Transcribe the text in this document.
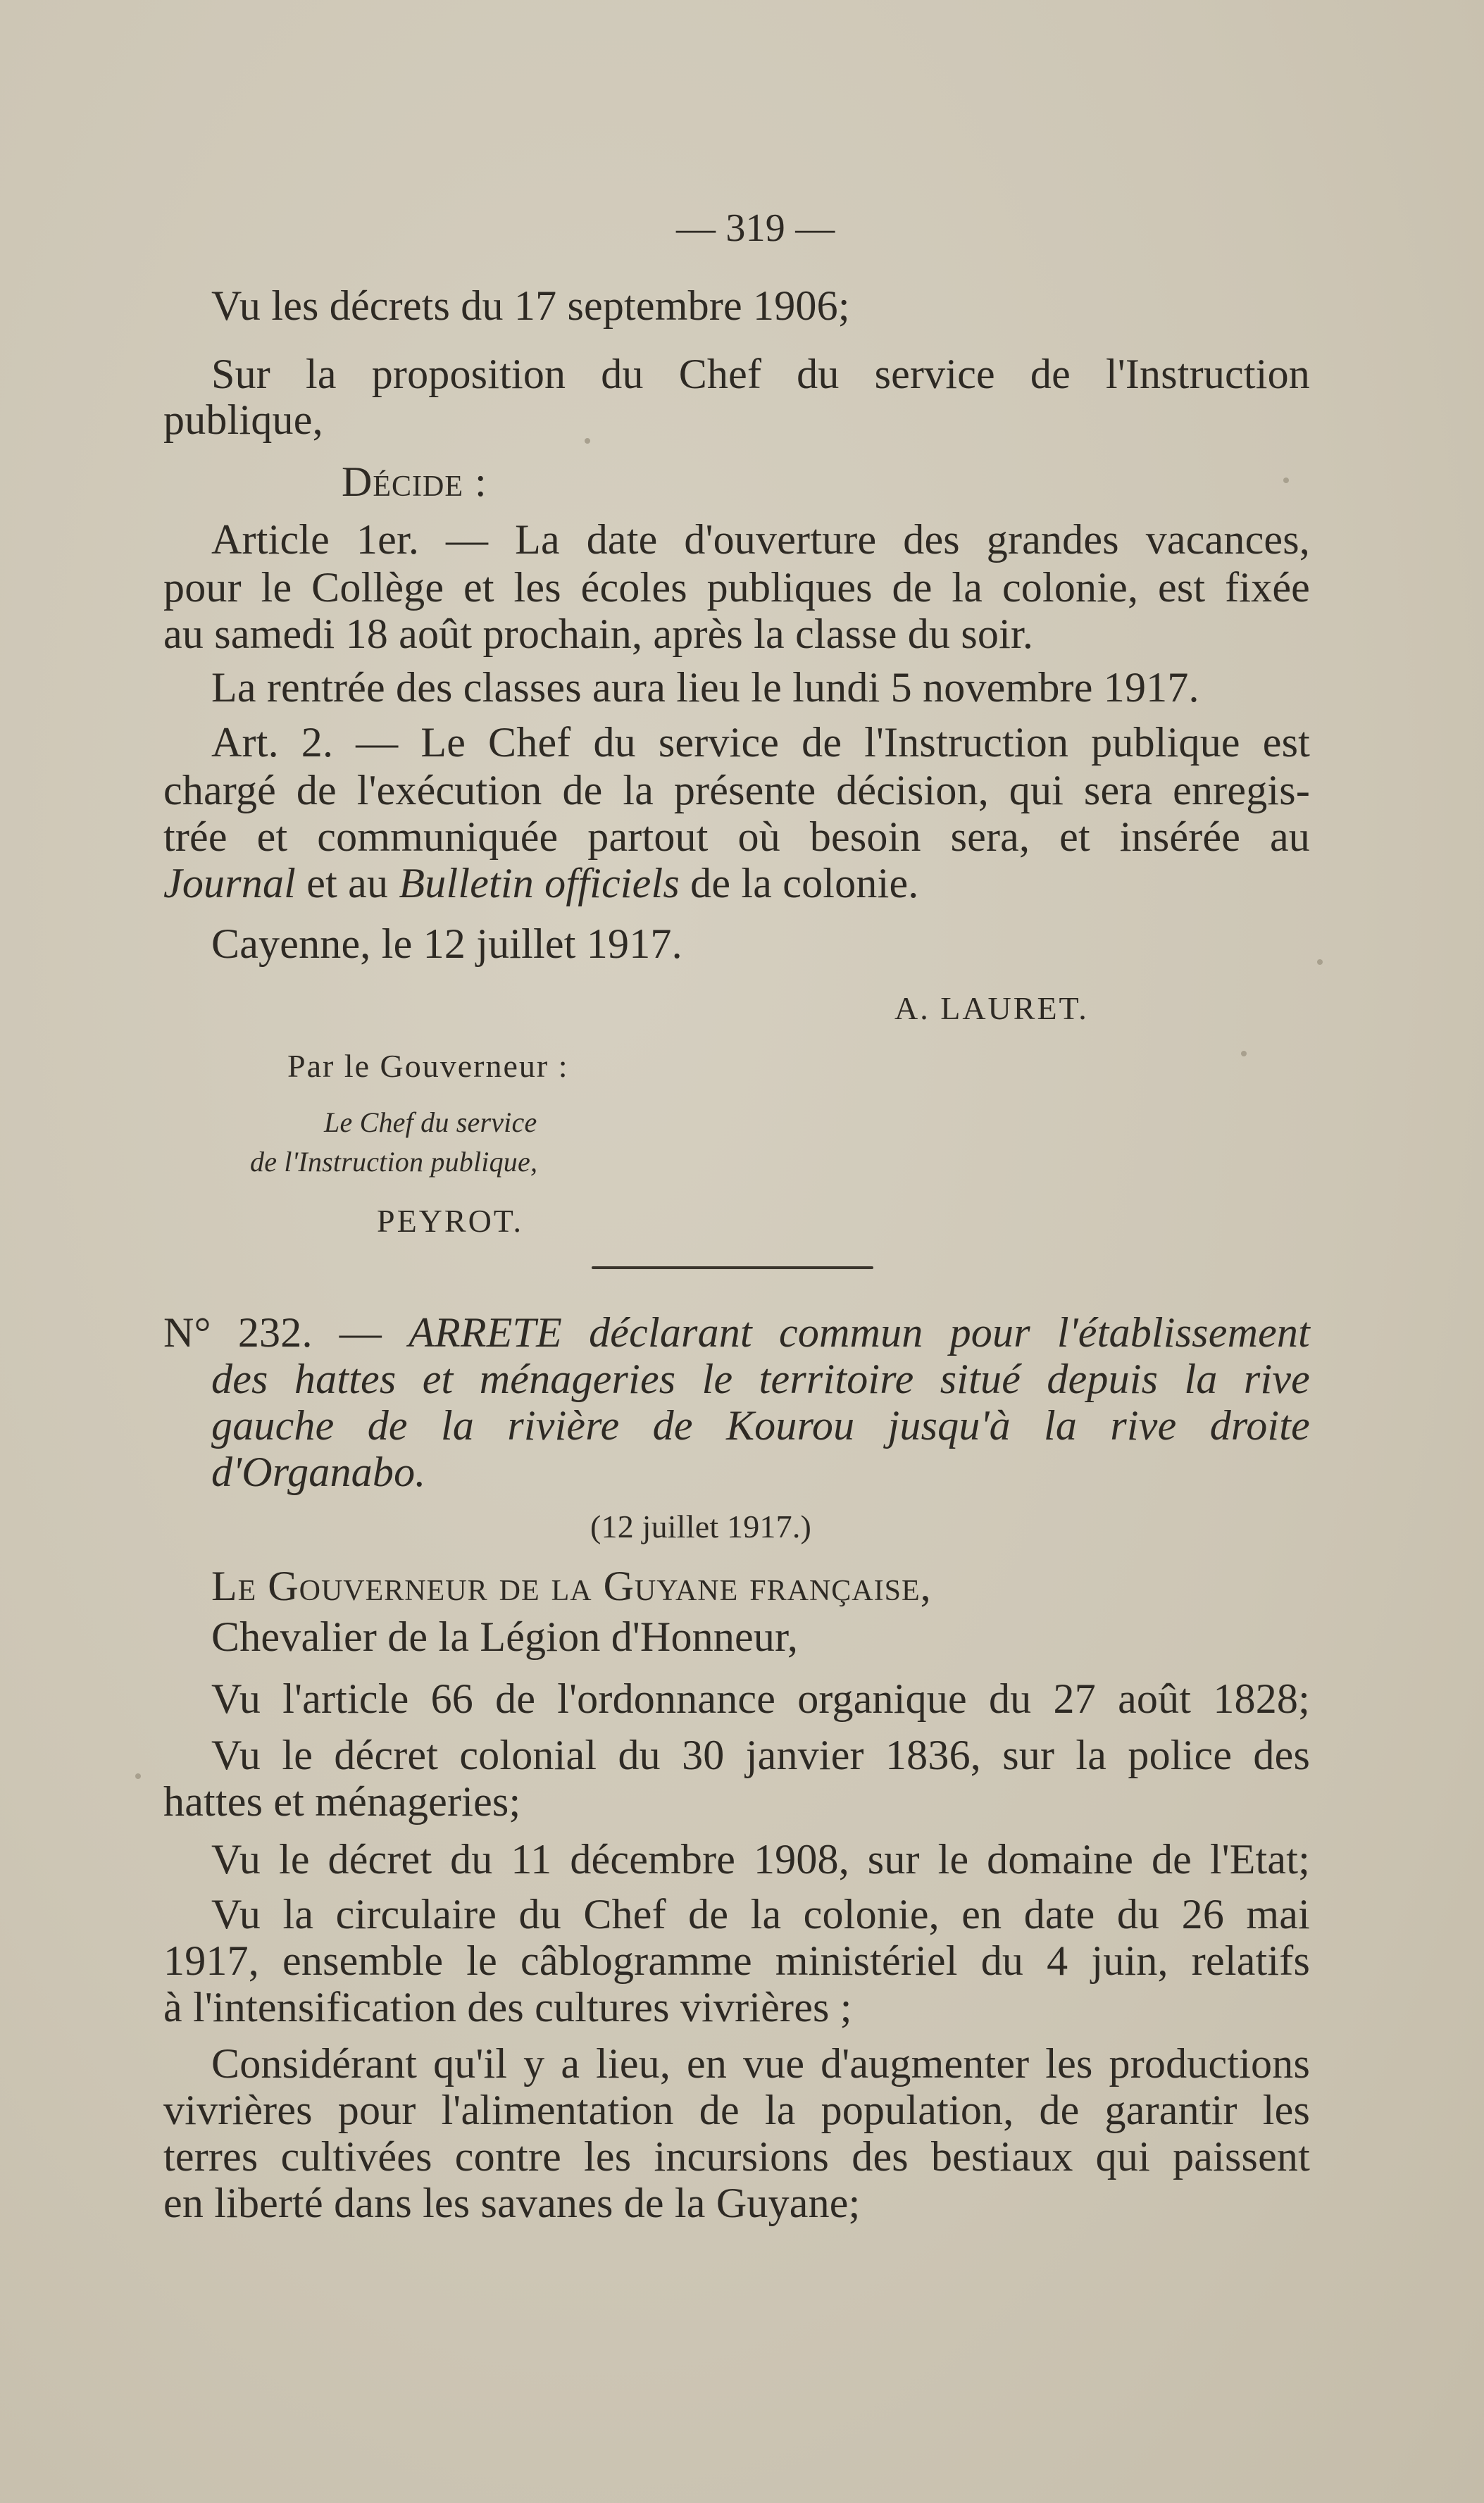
— 319 —

Vu les décrets du 17 septembre 1906;

Sur la proposition du Chef du service de l'Instruction

publique,

Décide :

Article 1er. — La date d'ouverture des grandes vacances,

pour le Collège et les écoles publiques de la colonie, est fixée

au samedi 18 août prochain, après la classe du soir.

La rentrée des classes aura lieu le lundi 5 novembre 1917.

Art. 2. — Le Chef du service de l'Instruction publique est

chargé de l'exécution de la présente décision, qui sera enregis-

trée et communiquée partout où besoin sera, et insérée au

Journal et au Bulletin officiels de la colonie.

Cayenne, le 12 juillet 1917.

A. LAURET.

Par le Gouverneur :

Le Chef du service

de l'Instruction publique,

PEYROT.

N° 232. — ARRETE déclarant commun pour l'établissement

des hattes et ménageries le territoire situé depuis la rive

gauche de la rivière de Kourou jusqu'à la rive droite

d'Organabo.

(12 juillet 1917.)

Le Gouverneur de la Guyane française,

Chevalier de la Légion d'Honneur,

Vu l'article 66 de l'ordonnance organique du 27 août 1828;

Vu le décret colonial du 30 janvier 1836, sur la police des

hattes et ménageries;

Vu le décret du 11 décembre 1908, sur le domaine de l'Etat;

Vu la circulaire du Chef de la colonie, en date du 26 mai

1917, ensemble le câblogramme ministériel du 4 juin, relatifs

à l'intensification des cultures vivrières ;

Considérant qu'il y a lieu, en vue d'augmenter les productions

vivrières pour l'alimentation de la population, de garantir les

terres cultivées contre les incursions des bestiaux qui paissent

en liberté dans les savanes de la Guyane;
